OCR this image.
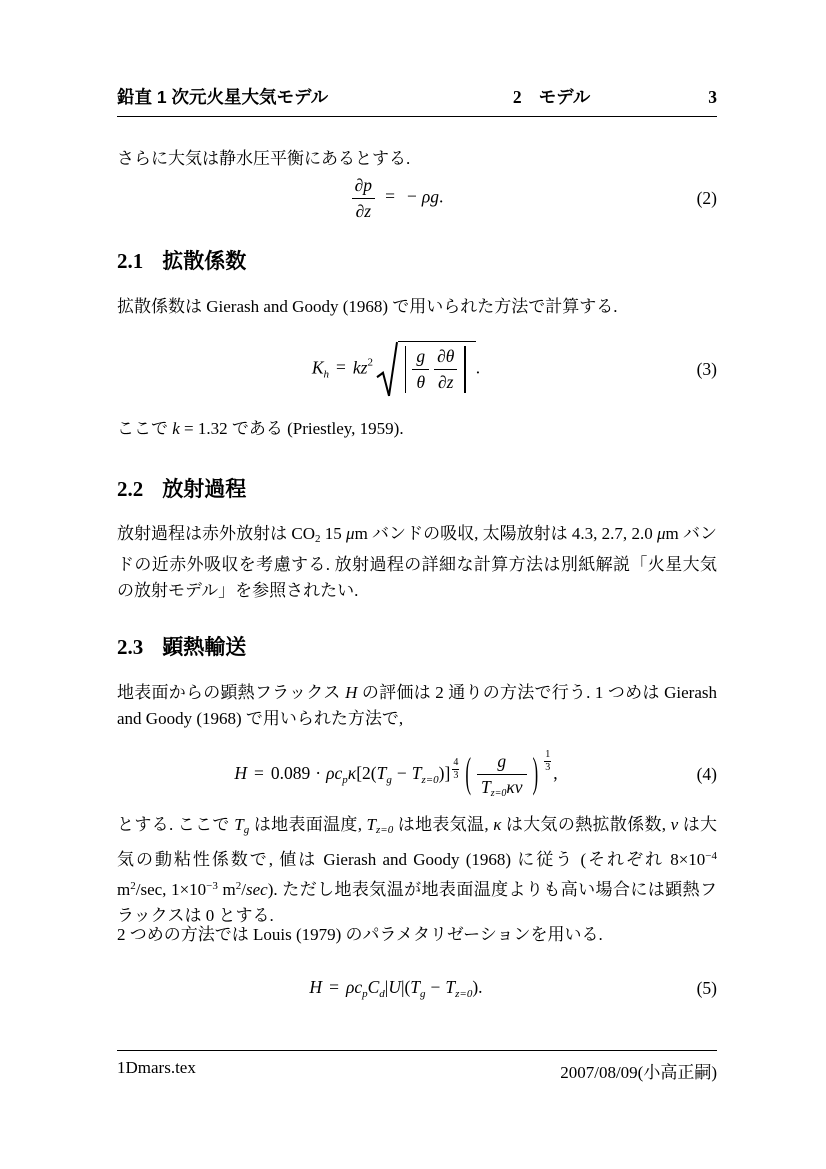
鉛直 1 次元火星大気モデル	2 モデル	3
さらに大気は静水圧平衡にあるとする.
$\frac{\partial p}{\partial z}$ = − ρg.	(2)
2.1 拡散係数
拡散係数は Gierash and Goody (1968) で用いられた方法で計算する.
$K_h = kz^2 \frac{g}{\theta} \frac{\partial\theta}{\partial z}$ .	(3)
ここで k = 1.32 である (Priestley, 1959).
2.2 放射過程
放射過程は赤外放射は CO2 15 μm バンドの吸収, 太陽放射は 4.3, 2.7, 2.0 μm バンドの近赤外吸収を考慮する. 放射過程の詳細な計算方法は別紙解説「火星大気の放射モデル」を参照されたい.
2.3 顕熱輸送
地表面からの顕熱フラックス H の評価は 2 通りの方法で行う. 1 つめは Gierash and Goody (1968) で用いられた方法で,
$H = 0.089 \cdot \rho c_p\kappa[2(T_g - T_{z=0})] \frac{4}{3}$ ( $\frac{g}{Tz=0\kappa\nu}$ ) $\frac{1}{3}$ ,	(4)
とする. ここで Tg は地表面温度, Tz=0 は地表気温, κ は大気の熱拡散係数, ν は大気の動粘性係数で, 値は Gierash and Goody (1968) に従う (それぞれ $8\times 10^{-4}$ $m^2/\sec$, $1\times 10^{-3}$ $m^2/\sec$). ただし地表気温が地表面温度よりも高い場合には顕熱フラックスは 0 とする.
2 つめの方法では Louis (1979) のパラメタリゼーションを用いる.
$H = \rho c_pC_d|U|(T_g - T_{z=0})$.	(5)
1Dmars.tex	2007/08/09(小高正嗣)
